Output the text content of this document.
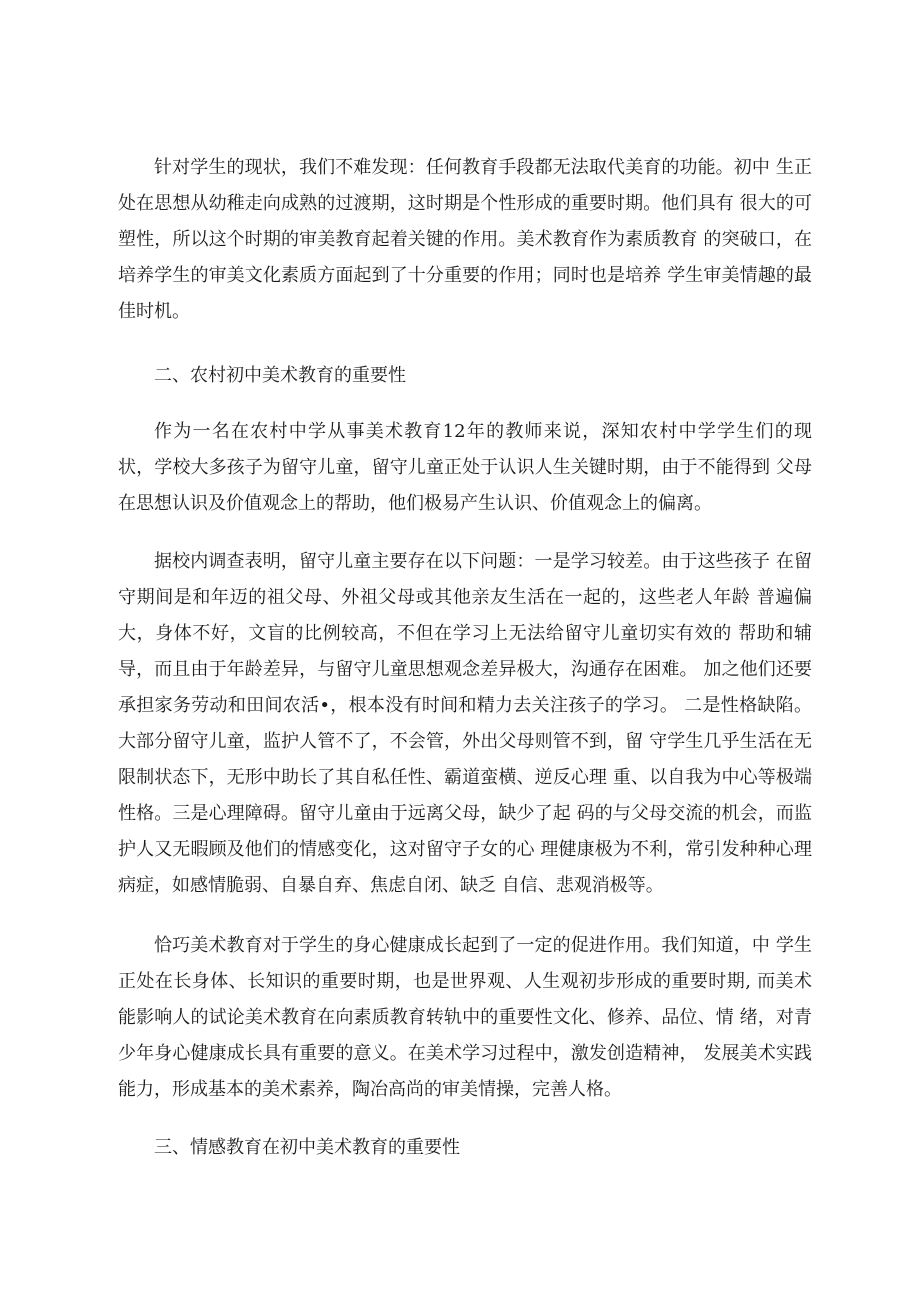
针对学生的现状，我们不难发现：任何教育手段都无法取代美育的功能。初中 生正处在思想从幼稚走向成熟的过渡期，这时期是个性形成的重要时期。他们具有 很大的可塑性，所以这个时期的审美教育起着关键的作用。美术教育作为素质教育 的突破口，在培养学生的审美文化素质方面起到了十分重要的作用；同时也是培养 学生审美情趣的最佳时机。

二、农村初中美术教育的重要性

作为一名在农村中学从事美术教育12年的教师来说，深知农村中学学生们的现 状，学校大多孩子为留守儿童，留守儿童正处于认识人生关键时期，由于不能得到 父母在思想认识及价值观念上的帮助，他们极易产生认识、价值观念上的偏离。

据校内调查表明，留守儿童主要存在以下问题：一是学习较差。由于这些孩子 在留守期间是和年迈的祖父母、外祖父母或其他亲友生活在一起的，这些老人年龄 普遍偏大，身体不好，文盲的比例较高，不但在学习上无法给留守儿童切实有效的 帮助和辅导，而且由于年龄差异，与留守儿童思想观念差异极大，沟通存在困难。 加之他们还要承担家务劳动和田间农活•，根本没有时间和精力去关注孩子的学习。 二是性格缺陷。大部分留守儿童，监护人管不了，不会管，外出父母则管不到，留 守学生几乎生活在无限制状态下，无形中助长了其自私任性、霸道蛮横、逆反心理 重、以自我为中心等极端性格。三是心理障碍。留守儿童由于远离父母，缺少了起 码的与父母交流的机会，而监护人又无暇顾及他们的情感变化，这对留守子女的心 理健康极为不利，常引发种种心理病症，如感情脆弱、自暴自弃、焦虑自闭、缺乏 自信、悲观消极等。

恰巧美术教育对于学生的身心健康成长起到了一定的促进作用。我们知道，中 学生正处在长身体、长知识的重要时期，也是世界观、人生观初步形成的重要时期, 而美术能影响人的试论美术教育在向素质教育转轨中的重要性文化、修养、品位、情 绪，对青少年身心健康成长具有重要的意义。在美术学习过程中，激发创造精神， 发展美术实践能力，形成基本的美术素养，陶冶高尚的审美情操，完善人格。

三、情感教育在初中美术教育的重要性
